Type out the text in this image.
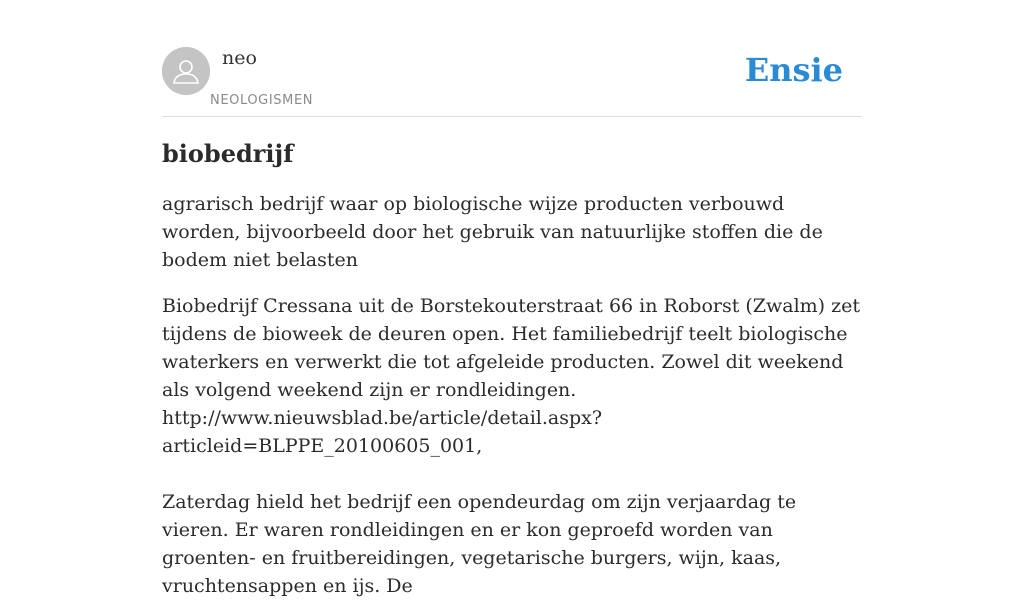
neo
NEOLOGISMEN
Ensie
biobedrijf

agrarisch bedrijf waar op biologische wijze producten verbouwd worden, bijvoorbeeld door het gebruik van natuurlijke stoffen die de bodem niet belasten

Biobedrijf Cressana uit de Borstekouterstraat 66 in Roborst (Zwalm) zet tijdens de bioweek de deuren open. Het familiebedrijf teelt biologische waterkers en verwerkt die tot afgeleide producten. Zowel dit weekend als volgend weekend zijn er rondleidingen.
http://www.nieuwsblad.be/article/detail.aspx?articleid=BLPPE_20100605_001,

Zaterdag hield het bedrijf een opendeurdag om zijn verjaardag te vieren. Er waren rondleidingen en er kon geproefd worden van groenten- en fruitbereidingen, vegetarische burgers, wijn, kaas, vruchtensappen en ijs. De
